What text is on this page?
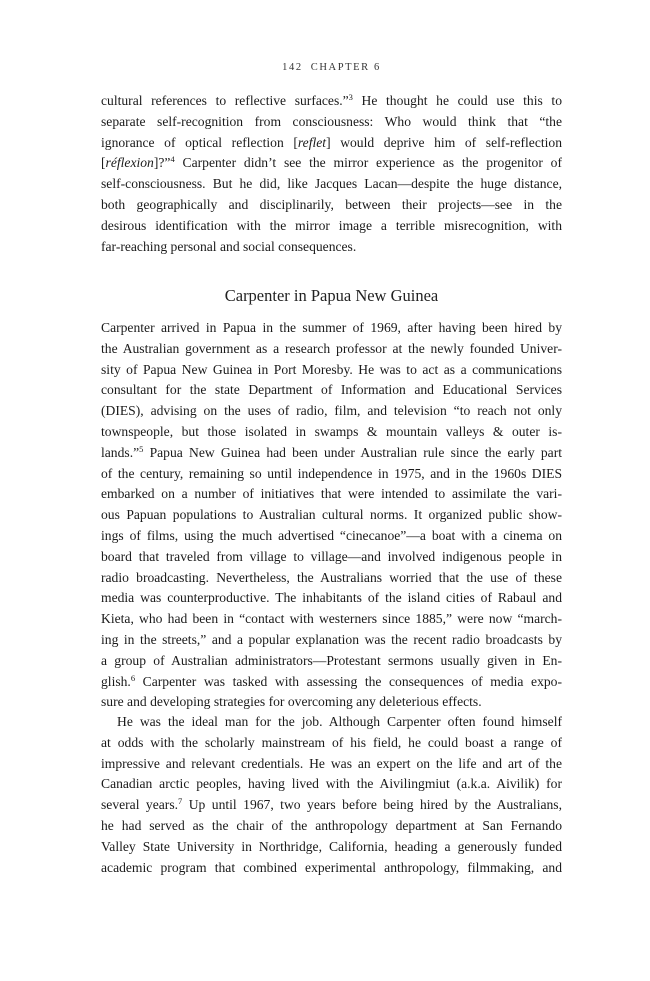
142 CHAPTER 6
cultural references to reflective surfaces.”$^3$ He thought he could use this to
separate self-recognition from consciousness: Who would think that “the
ignorance of optical reflection [reflet] would deprive him of self-reflection
[réflexion]?”$^4$ Carpenter didn’t see the mirror experience as the progenitor of
self-consciousness. But he did, like Jacques Lacan—despite the huge distance,
both geographically and disciplinarily, between their projects—see in the
desirous identification with the mirror image a terrible misrecognition, with
far-reaching personal and social consequences.
Carpenter in Papua New Guinea
Carpenter arrived in Papua in the summer of 1969, after having been hired by
the Australian government as a research professor at the newly founded Univer-
sity of Papua New Guinea in Port Moresby. He was to act as a communications
consultant for the state Department of Information and Educational Services
(DIES), advising on the uses of radio, film, and television “to reach not only
townspeople, but those isolated in swamps & mountain valleys & outer is-
lands.”$^5$ Papua New Guinea had been under Australian rule since the early part
of the century, remaining so until independence in 1975, and in the 1960s DIES
embarked on a number of initiatives that were intended to assimilate the vari-
ous Papuan populations to Australian cultural norms. It organized public show-
ings of films, using the much advertised “cinecanoe”—a boat with a cinema on
board that traveled from village to village—and involved indigenous people in
radio broadcasting. Nevertheless, the Australians worried that the use of these
media was counterproductive. The inhabitants of the island cities of Rabaul and
Kieta, who had been in “contact with westerners since 1885,” were now “march-
ing in the streets,” and a popular explanation was the recent radio broadcasts by
a group of Australian administrators—Protestant sermons usually given in En-
glish.$^6$ Carpenter was tasked with assessing the consequences of media expo-
sure and developing strategies for overcoming any deleterious effects.
He was the ideal man for the job. Although Carpenter often found himself
at odds with the scholarly mainstream of his field, he could boast a range of
impressive and relevant credentials. He was an expert on the life and art of the
Canadian arctic peoples, having lived with the Aivilingmiut (a.k.a. Aivilik) for
several years.$^7$ Up until 1967, two years before being hired by the Australians,
he had served as the chair of the anthropology department at San Fernando
Valley State University in Northridge, California, heading a generously funded
academic program that combined experimental anthropology, filmmaking, and
